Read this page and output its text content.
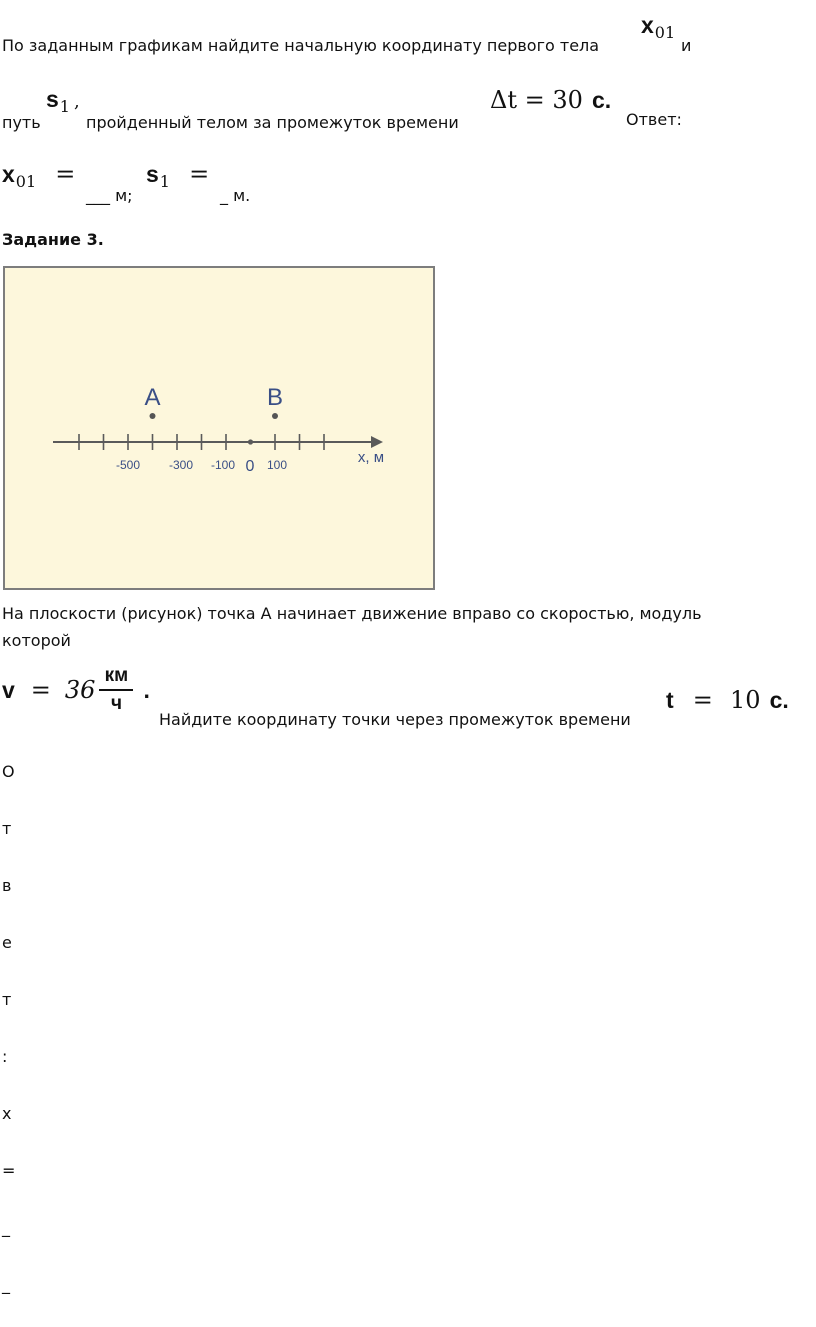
По заданным графикам найдите начальную координату первого тела
x01
и
путь
s1 ,
пройденный телом за промежуток времени
Δt = 30 с.
Ответ:
x01 =
___ м;
s1 =
_ м.
Задание 3.
-500 -300 -100 0 100	x, м
A	B
На плоскости (рисунок) точка А начинает движение вправо со скоростью, модуль
которой
$v = 36 \frac{км}{ч}$ .
Найдите координату точки через промежуток времени
t = 10 с.
О
т
в
е
т
:
x
=
_
_
